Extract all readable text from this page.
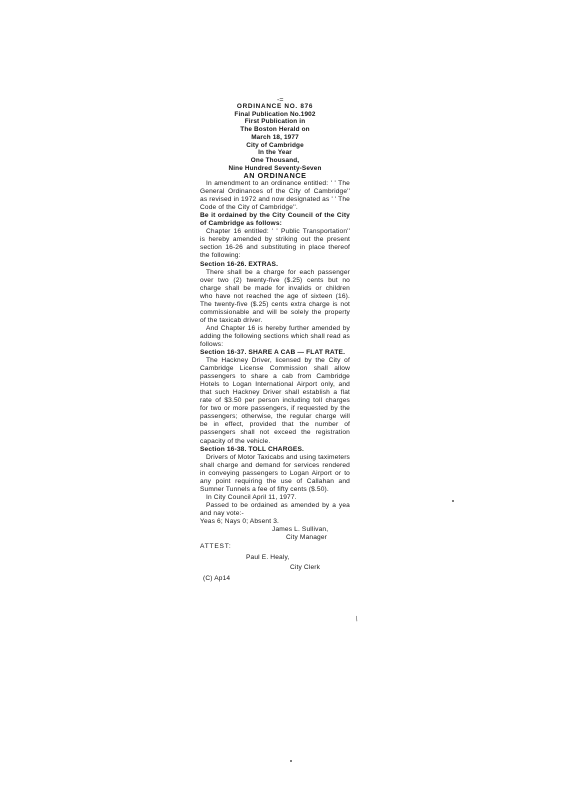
-=
/
ORDINANCE NO. 876
Final Publication No.1902
First Publication in
The Boston Herald on
March 18, 1977
City of Cambridge
In the Year
One Thousand,
Nine Hundred Seventy-Seven
AN ORDINANCE

In amendment to an ordinance entitled: ' ' The General Ordinances of the City of Cambridge'' as revised in 1972 and now designated as ' ' The Code of the City of Cambridge''.

Be it ordained by the City Council of the City of Cambridge as follows:

Chapter 16 entitled: ' ' Public Transportation'' is hereby amended by striking out the present section 16-26 and substituting in place thereof the following:

Section 16-26. EXTRAS.

There shall be a charge for each passenger over two (2) twenty-five ($.25) cents but no charge shall be made for invalids or children who have not reached the age of sixteen (16). The twenty-five ($.25) cents extra charge is not commissionable and will be solely the property of the taxicab driver.

And Chapter 16 is hereby further amended by adding the following sections which shall read as follows:

Section 16-37. SHARE A CAB — FLAT RATE.

The Hackney Driver, licensed by the City of Cambridge License Commission shall allow passengers to share a cab from Cambridge Hotels to Logan International Airport only, and that such Hackney Driver shall establish a flat rate of $3.50 per person including toll charges for two or more passengers, if requested by the passengers; otherwise, the regular charge will be in effect, provided that the number of passengers shall not exceed the registration capacity of the vehicle.

Section 16-38. TOLL CHARGES.

Drivers of Motor Taxicabs and using taximeters shall charge and demand for services rendered in conveying passengers to Logan Airport or to any point requiring the use of Callahan and Sumner Tunnels a fee of fifty cents ($.50).

In City Council April 11, 1977.

Passed to be ordained as amended by a yea and nay vote:-

Yeas 6; Nays 0; Absent 3.

James L. Sullivan,

City Manager

ATTEST:

Paul E. Healy,

City Clerk

(C) Ap14
